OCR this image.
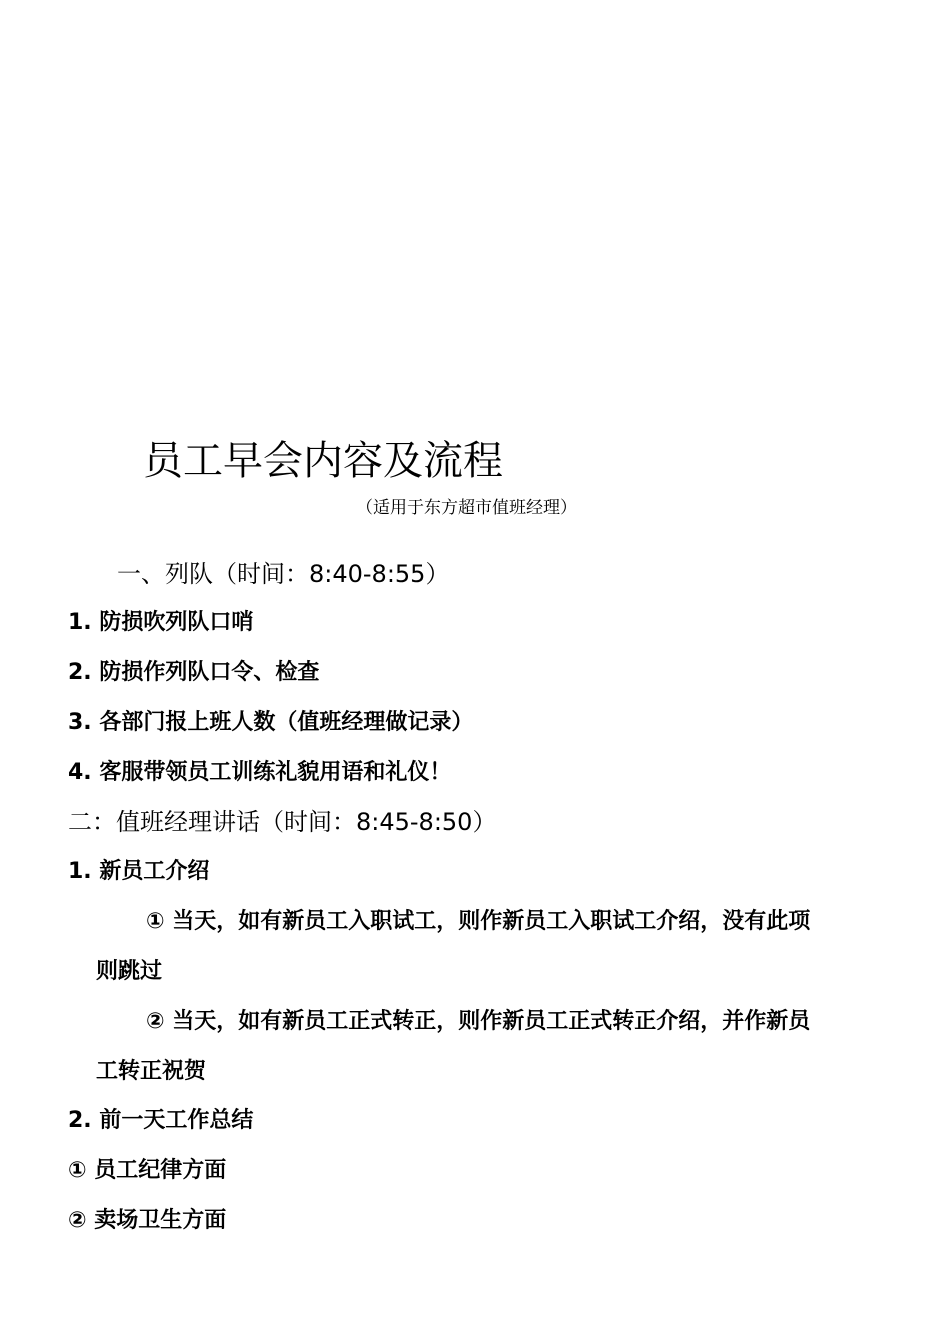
员工早会内容及流程
（适用于东方超市值班经理）
一、列队（时间：8:40-8:55）
1. 防损吹列队口哨
2. 防损作列队口令、检查
3. 各部门报上班人数（值班经理做记录）
4. 客服带领员工训练礼貌用语和礼仪！
二：值班经理讲话（时间：8:45-8:50）
1. 新员工介绍
① 当天，如有新员工入职试工，则作新员工入职试工介绍，没有此项
则跳过
② 当天，如有新员工正式转正，则作新员工正式转正介绍，并作新员
工转正祝贺
2. 前一天工作总结
① 员工纪律方面
② 卖场卫生方面
